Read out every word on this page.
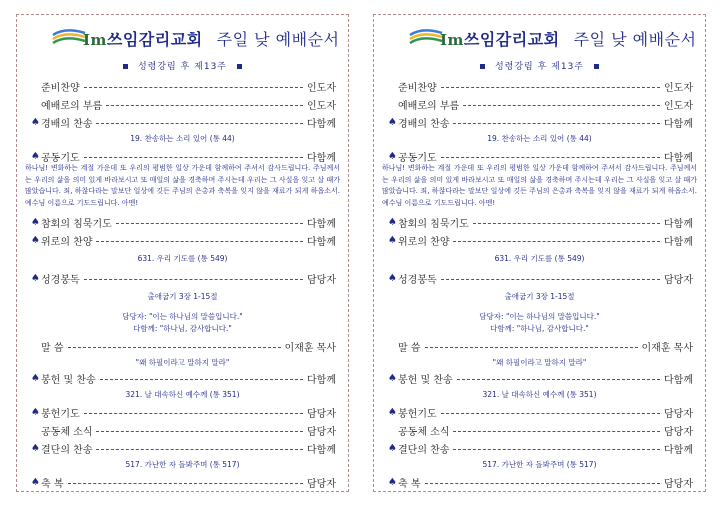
Im쓰임감리교회 주일 낮 예배순서
성령강림 후 제13주
준비찬양	인도자
예배로의 부름	인도자
♠ 경배의 찬송	다함께
19. 찬송하는 소리 있어 (통 44)
♠ 공동기도	다함께
하나님! 변화하는 계절 가운데 또 우리의 평범한 일상 가운데 함께하여 주셔서 감사드립니다. 주님께서는 우리의 삶을 의미 있게 바라보시고 또 매일의 삶을 경축하며 주시는데 우리는 그 사실을 잊고 살 때가 많았습니다. 죄, 하찮다라는 말보단 일상에 깃든 주님의 은총과 축복을 잊지 않을 재료가 되게 하옵소서. 예수님 이름으로 기도드립니다. 아멘!
♠ 참회의 침묵기도	다함께
♠ 위로의 찬양	다함께
631. 우리 기도를 (통 549)
♠ 성경봉독	담당자
출애굽기 3장 1-15절
담당자: "이는 하나님의 말씀입니다."
다함께: "하나님, 감사합니다."
말 씀	이재훈 목사
"왜 하필이라고 말하지 말라"
♠ 봉헌 및 찬송	다함께
321. 날 대속하신 예수께 (통 351)
♠ 봉헌기도	담당자
공동체 소식	담당자
♠ 결단의 찬송	다함께
517. 가난한 자 돌봐주며 (통 517)
♠ 축 복	담당자
Im쓰임감리교회 주일 낮 예배순서
성령강림 후 제13주
준비찬양	인도자
예배로의 부름	인도자
♠ 경배의 찬송	다함께
19. 찬송하는 소리 있어 (통 44)
♠ 공동기도	다함께
하나님! 변화하는 계절 가운데 또 우리의 평범한 일상 가운데 함께하여 주셔서 감사드립니다. 주님께서는 우리의 삶을 의미 있게 바라보시고 또 매일의 삶을 경축하며 주시는데 우리는 그 사실을 잊고 살 때가 많았습니다. 죄, 하찮다라는 말보단 일상에 깃든 주님의 은총과 축복을 잊지 않을 재료가 되게 하옵소서. 예수님 이름으로 기도드립니다. 아멘!
♠ 참회의 침묵기도	다함께
♠ 위로의 찬양	다함께
631. 우리 기도를 (통 549)
♠ 성경봉독	담당자
출애굽기 3장 1-15절
담당자: "이는 하나님의 말씀입니다."
다함께: "하나님, 감사합니다."
말 씀	이재훈 목사
"왜 하필이라고 말하지 말라"
♠ 봉헌 및 찬송	다함께
321. 날 대속하신 예수께 (통 351)
♠ 봉헌기도	담당자
공동체 소식	담당자
♠ 결단의 찬송	다함께
517. 가난한 자 돌봐주며 (통 517)
♠ 축 복	담당자
